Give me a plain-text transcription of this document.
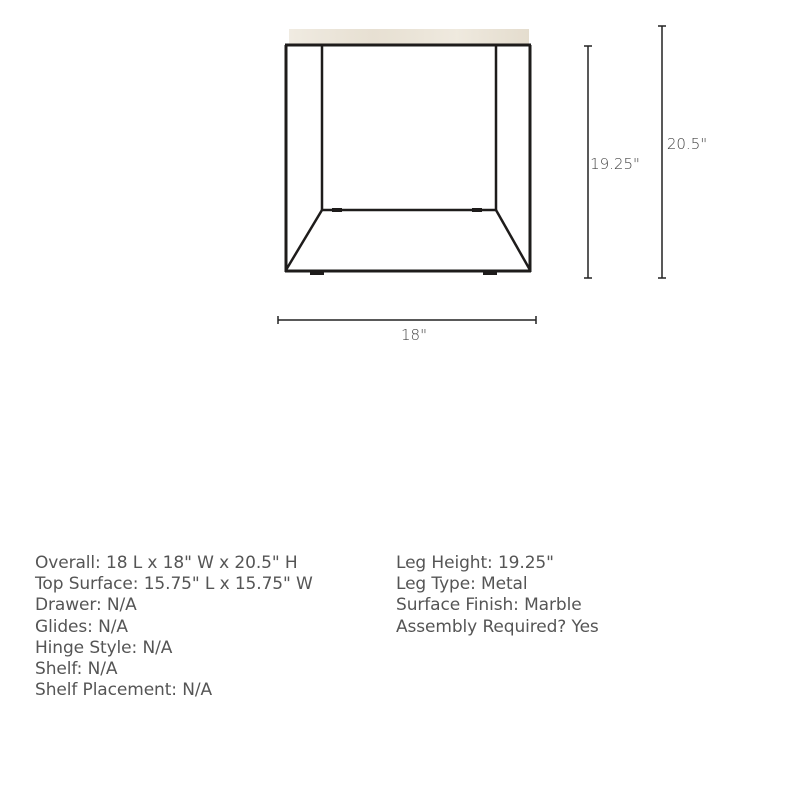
18"
19.25"
20.5"
Overall: 18 L x 18" W x 20.5" H
Top Surface: 15.75" L x 15.75" W
Drawer: N/A
Glides: N/A
Hinge Style: N/A
Shelf: N/A
Shelf Placement: N/A
Leg Height: 19.25"
Leg Type: Metal
Surface Finish: Marble
Assembly Required? Yes
